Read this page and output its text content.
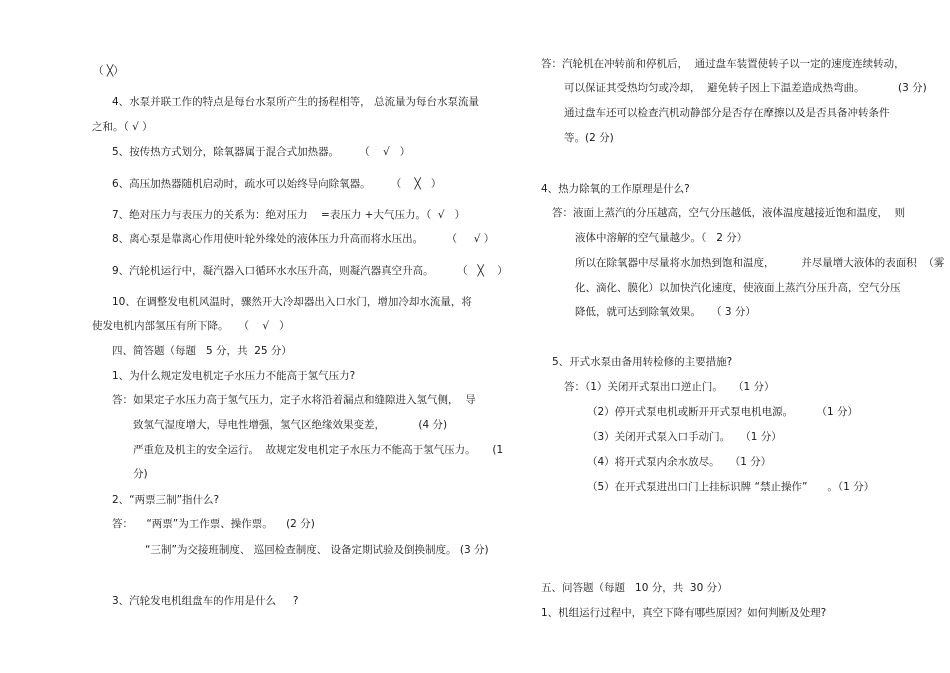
（ ╳）
4、水泵并联工作的特点是每台水泵所产生的扬程相等， 总流量为每台水泵流量
之和。（ √ ）
5、按传热方式划分，除氧器属于混合式加热器。      （    √   ）
6、高压加热器随机启动时，疏水可以始终导向除氧器。      （    ╳   ）
7、绝对压力与表压力的关系为：绝对压力    =表压力 +大气压力。（  √   ）
8、离心泵是靠离心作用使叶轮外缘处的液体压力升高而将水压出。       （     √ ）
9、汽轮机运行中，凝汽器入口循环水水压升高，则凝汽器真空升高。       （   ╳    ）
10、在调整发电机风温时，骤然开大冷却器出入口水门，增加冷却水流量，将
使发电机内部氢压有所下降。   （    √   ）
四、简答题（每题   5 分，共  25 分）
1、为什么规定发电机定子水压力不能高于氢气压力?
答：如果定子水压力高于氢气压力，定子水将沿着漏点和缝隙进入氢气侧，  导
致氢气湿度增大，导电性增强，氢气区绝缘效果变差，          (4 分)
严重危及机主的安全运行。  故规定发电机定子水压力不能高于氢气压力。     (1
分)
2、“两票三制”指什么?
答：    “两票”为工作票、操作票。    (2 分)
“三制”为交接班制度、 巡回检查制度、 设备定期试验及倒换制度。 (3 分)
3、汽轮发电机组盘车的作用是什么     ?
答：汽轮机在冲转前和停机后，  通过盘车装置使转子以一定的速度连续转动，
可以保证其受热均匀或冷却，  避免转子因上下温差造成热弯曲。          (3 分)
通过盘车还可以检查汽机动静部分是否存在摩擦以及是否具备冲转条件
等。(2 分)
4、热力除氧的工作原理是什么?
答：液面上蒸汽的分压越高，空气分压越低，液体温度越接近饱和温度，  则
液体中溶解的空气量越少。（   2 分）
所以在除氧器中尽量将水加热到饱和温度，        并尽量增大液体的表面积  （雾
化、滴化、膜化）以加快汽化速度，使液面上蒸汽分压升高，空气分压
降低，就可达到除氧效果。   （ 3 分）
5、开式水泵由备用转检修的主要措施?
答：（1）关闭开式泵出口逆止门。   （1 分）
（2）停开式泵电机或断开开式泵电机电源。       （1 分）
（3）关闭开式泵入口手动门。   （1 分）
（4）将开式泵内余水放尽。   （1 分）
（5）在开式泵进出口门上挂标识牌 “禁止操作”      。（1 分）
五、问答题（每题   10 分，共  30 分）
1、机组运行过程中，真空下降有哪些原因？如何判断及处理?
